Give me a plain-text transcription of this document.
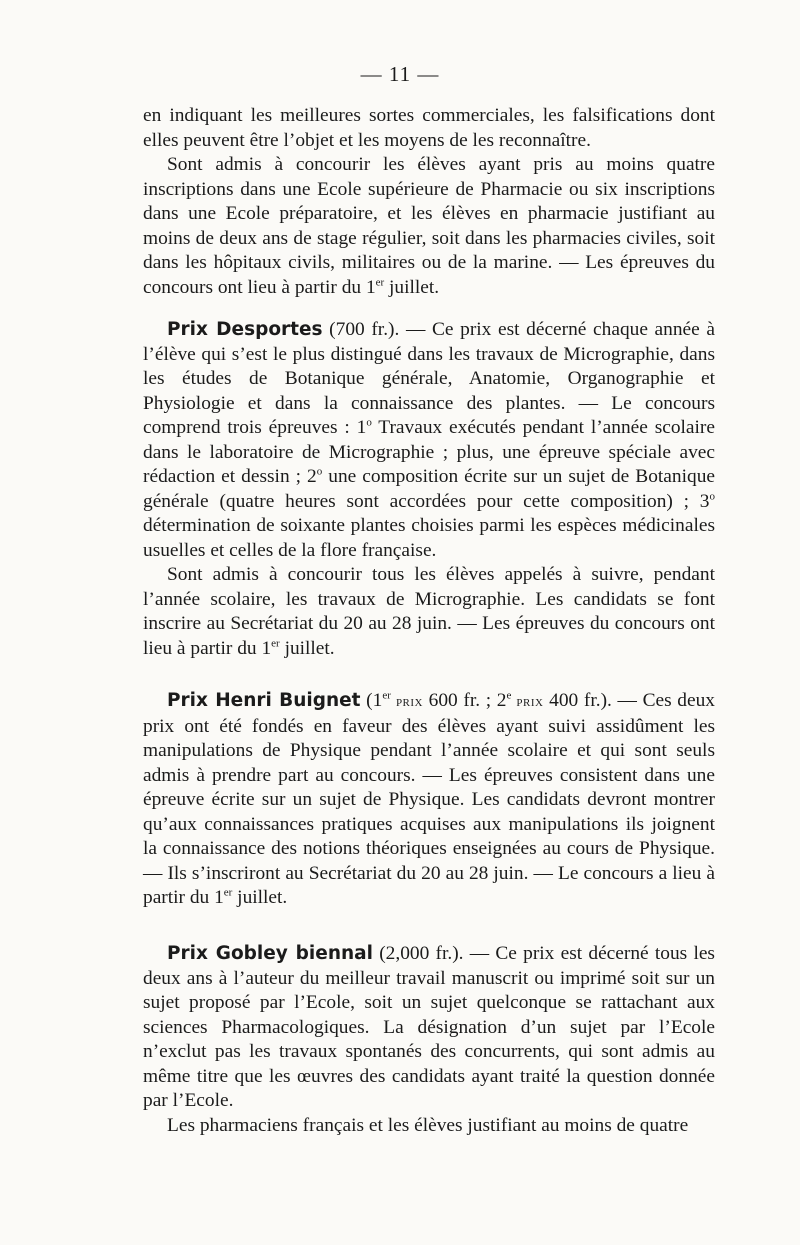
— 11 —
en indiquant les meilleures sortes commerciales, les falsifications dont elles peuvent être l’objet et les moyens de les reconnaître.
Sont admis à concourir les élèves ayant pris au moins quatre inscriptions dans une Ecole supérieure de Pharmacie ou six inscriptions dans une Ecole préparatoire, et les élèves en pharmacie justifiant au moins de deux ans de stage régulier, soit dans les pharmacies civiles, soit dans les hôpitaux civils, militaires ou de la marine. — Les épreuves du concours ont lieu à partir du 1er juillet.
Prix Desportes (700 fr.). — Ce prix est décerné chaque année à l’élève qui s’est le plus distingué dans les travaux de Micrographie, dans les études de Botanique générale, Anatomie, Organographie et Physiologie et dans la connaissance des plantes. — Le concours comprend trois épreuves : 1$^o$ Travaux exécutés pendant l’année scolaire dans le laboratoire de Micrographie ; plus, une épreuve spéciale avec rédaction et dessin ; 2$^o$ une composition écrite sur un sujet de Botanique générale (quatre heures sont accordées pour cette composition) ; 3$^o$ détermination de soixante plantes choisies parmi les espèces médicinales usuelles et celles de la flore française.
Sont admis à concourir tous les élèves appelés à suivre, pendant l’année scolaire, les travaux de Micrographie. Les candidats se font inscrire au Secrétariat du 20 au 28 juin. — Les épreuves du concours ont lieu à partir du 1er juillet.
Prix Henri Buignet (1er prix 600 fr. ; 2e prix 400 fr.). — Ces deux prix ont été fondés en faveur des élèves ayant suivi assidûment les manipulations de Physique pendant l’année scolaire et qui sont seuls admis à prendre part au concours. — Les épreuves consistent dans une épreuve écrite sur un sujet de Physique. Les candidats devront montrer qu’aux connaissances pratiques acquises aux manipulations ils joignent la connaissance des notions théoriques enseignées au cours de Physique. — Ils s’inscriront au Secrétariat du 20 au 28 juin. — Le concours a lieu à partir du 1er juillet.
Prix Gobley biennal (2,000 fr.). — Ce prix est décerné tous les deux ans à l’auteur du meilleur travail manuscrit ou imprimé soit sur un sujet proposé par l’Ecole, soit un sujet quelconque se rattachant aux sciences Pharmacologiques. La désignation d’un sujet par l’Ecole n’exclut pas les travaux spontanés des concurrents, qui sont admis au même titre que les œuvres des candidats ayant traité la question donnée par l’Ecole.
Les pharmaciens français et les élèves justifiant au moins de quatre
